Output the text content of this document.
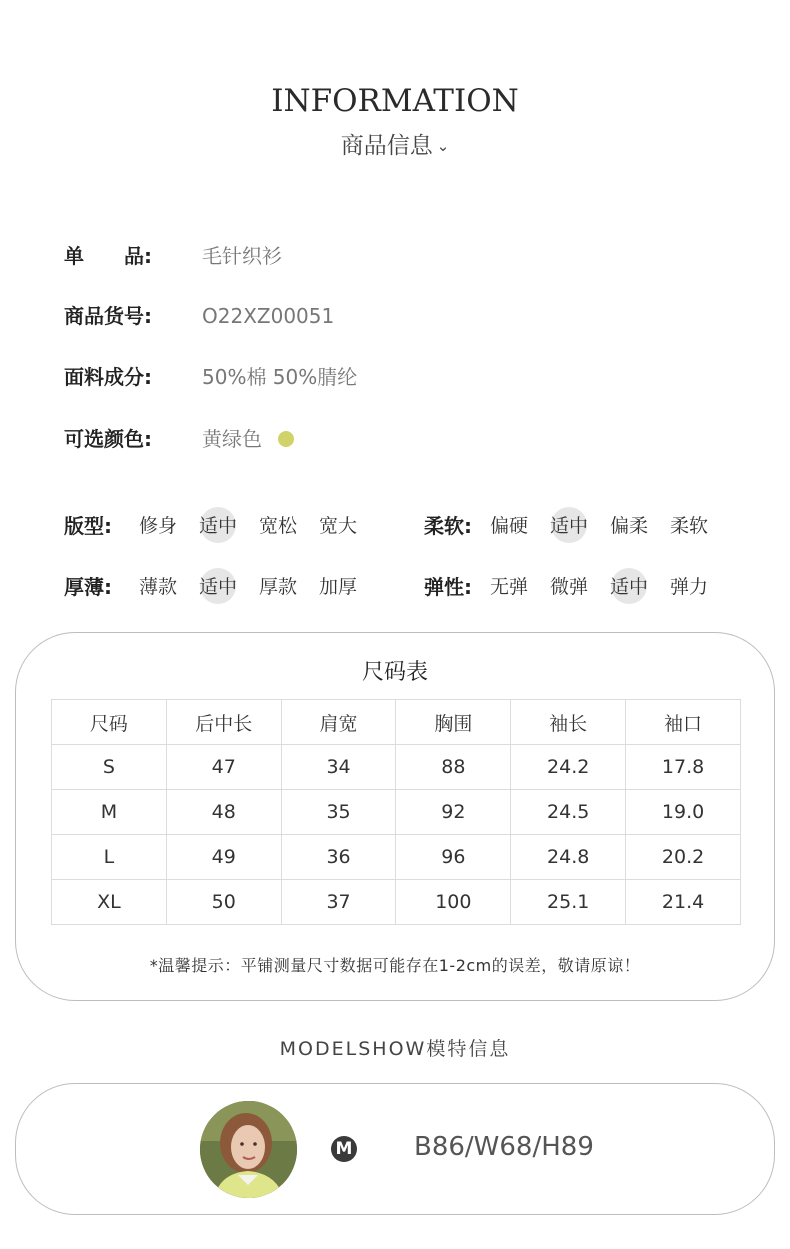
INFORMATION
商品信息 ⌄
单　　品:	毛针织衫
商品货号:	O22XZ00051
面料成分:	50%棉 50%腈纶
可选颜色:	黄绿色
版型: 修身 适中 宽松 宽大	柔软: 偏硬 适中 偏柔 柔软
厚薄: 薄款 适中 厚款 加厚	弹性: 无弹 微弹 适中 弹力
尺码表
尺码	后中长	肩宽	胸围	袖长	袖口
S	47	34	88	24.2	17.8
M	48	35	92	24.5	19.0
L	49	36	96	24.8	20.2
XL	50	37	100	25.1	21.4
*温馨提示：平铺测量尺寸数据可能存在1-2cm的误差，敬请原谅！
MODELSHOW模特信息
M B86/W68/H89
